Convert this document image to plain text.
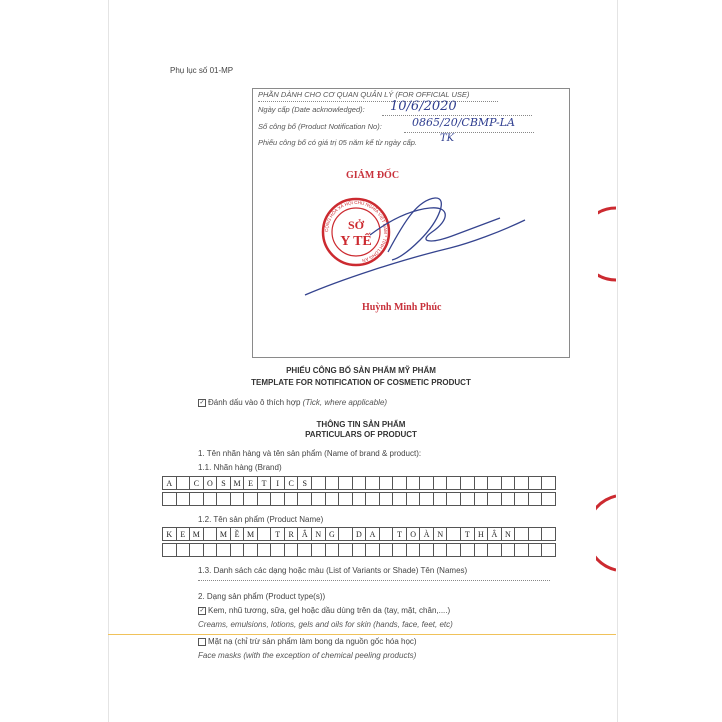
Phụ lục số 01-MP
PHẦN DÀNH CHO CƠ QUAN QUẢN LÝ (FOR OFFICIAL USE)
Ngày cấp (Date acknowledged): 10/6/2020
Số công bố (Product Notification No):	0865/20/CBMP-LA
Phiếu công bố có giá trị 05 năm kể từ ngày cấp. TK
GIÁM ĐỐC
CỘNG HÒA XÃ HỘI CHỦ NGHĨA VIỆT NAM * TỈNH LONG AN
SỞ
Y TẾ
Huỳnh Minh Phúc
PHIẾU CÔNG BỐ SẢN PHẨM MỸ PHẨM
TEMPLATE FOR NOTIFICATION OF COSMETIC PRODUCT
✓ Đánh dấu vào ô thích hợp (Tick, where applicable)
THÔNG TIN SẢN PHẨM
PARTICULARS OF PRODUCT
1. Tên nhãn hàng và tên sản phẩm (Name of brand & product):
1.1. Nhãn hàng (Brand)
A	C O	S M E	T	I	C	S
1.2. Tên sản phẩm (Product Name)
K	E M	M Ề M	T	R Ắ N G	D A	T	O À N	T	H Â N
1.3. Danh sách các dạng hoặc màu (List of Variants or Shade) Tên (Names)
2. Dạng sản phẩm (Product type(s))
✓ Kem, nhũ tương, sữa, gel hoặc dầu dùng trên da (tay, mặt, chân,....)
Creams, emulsions, lotions, gels and oils for skin (hands, face, feet, etc)
Mặt nạ (chỉ trừ sản phẩm làm bong da nguồn gốc hóa học)
Face masks (with the exception of chemical peeling products)
